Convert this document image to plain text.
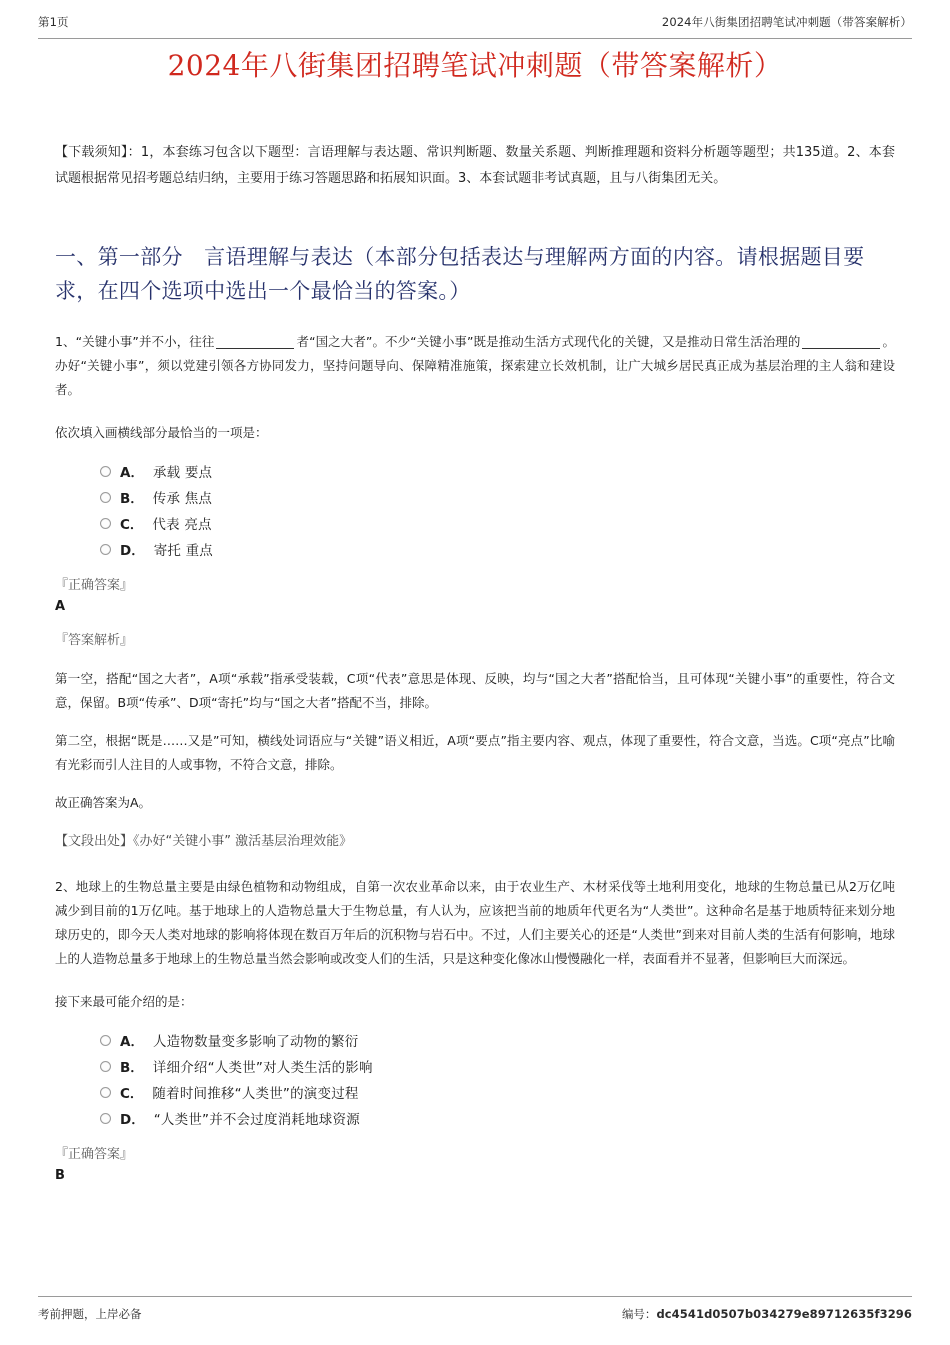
第1页	2024年八街集团招聘笔试冲刺题（带答案解析）
2024年八街集团招聘笔试冲刺题（带答案解析）

【下载须知】：1，本套练习包含以下题型：言语理解与表达题、常识判断题、数量关系题、判断推理题和资料分析题等题型；共135道。2、本套试题根据常见招考题总结归纳，主要用于练习答题思路和拓展知识面。3、本套试题非考试真题，且与八街集团无关。

一、第一部分　言语理解与表达（本部分包括表达与理解两方面的内容。请根据题目要求，在四个选项中选出一个最恰当的答案。）
1、“关键小事”并不小，往往	者“国之大者”。不少“关键小事”既是推动生活方式现代化的关键，又是推动日常生活治理的	。办好“关键小事”，须以党建引领各方协同发力，坚持问题导向、保障精准施策，探索建立长效机制，让广大城乡居民真正成为基层治理的主人翁和建设者。
依次填入画横线部分最恰当的一项是：
A． 承载 要点
B． 传承 焦点
C． 代表 亮点
D． 寄托 重点
『正确答案』
A
『答案解析』
第一空，搭配“国之大者”，A项“承载”指承受装载，C项“代表”意思是体现、反映，均与“国之大者”搭配恰当，且可体现“关键小事”的重要性，符合文意，保留。B项“传承”、D项“寄托”均与“国之大者”搭配不当，排除。
第二空，根据“既是……又是”可知，横线处词语应与“关键”语义相近，A项“要点”指主要内容、观点，体现了重要性，符合文意，当选。C项“亮点”比喻有光彩而引人注目的人或事物，不符合文意，排除。
故正确答案为A。
【文段出处】《办好“关键小事” 激活基层治理效能》
2、地球上的生物总量主要是由绿色植物和动物组成，自第一次农业革命以来，由于农业生产、木材采伐等土地利用变化，地球的生物总量已从2万亿吨减少到目前的1万亿吨。基于地球上的人造物总量大于生物总量，有人认为，应该把当前的地质年代更名为“人类世”。这种命名是基于地质特征来划分地球历史的，即今天人类对地球的影响将体现在数百万年后的沉积物与岩石中。不过，人们主要关心的还是“人类世”到来对目前人类的生活有何影响，地球上的人造物总量多于地球上的生物总量当然会影响或改变人们的生活，只是这种变化像冰山慢慢融化一样，表面看并不显著，但影响巨大而深远。
接下来最可能介绍的是：
A． 人造物数量变多影响了动物的繁衍
B． 详细介绍“人类世”对人类生活的影响
C． 随着时间推移“人类世”的演变过程
D． “人类世”并不会过度消耗地球资源
『正确答案』
B
考前押题，上岸必备	编号：dc4541d0507b034279e89712635f3296
